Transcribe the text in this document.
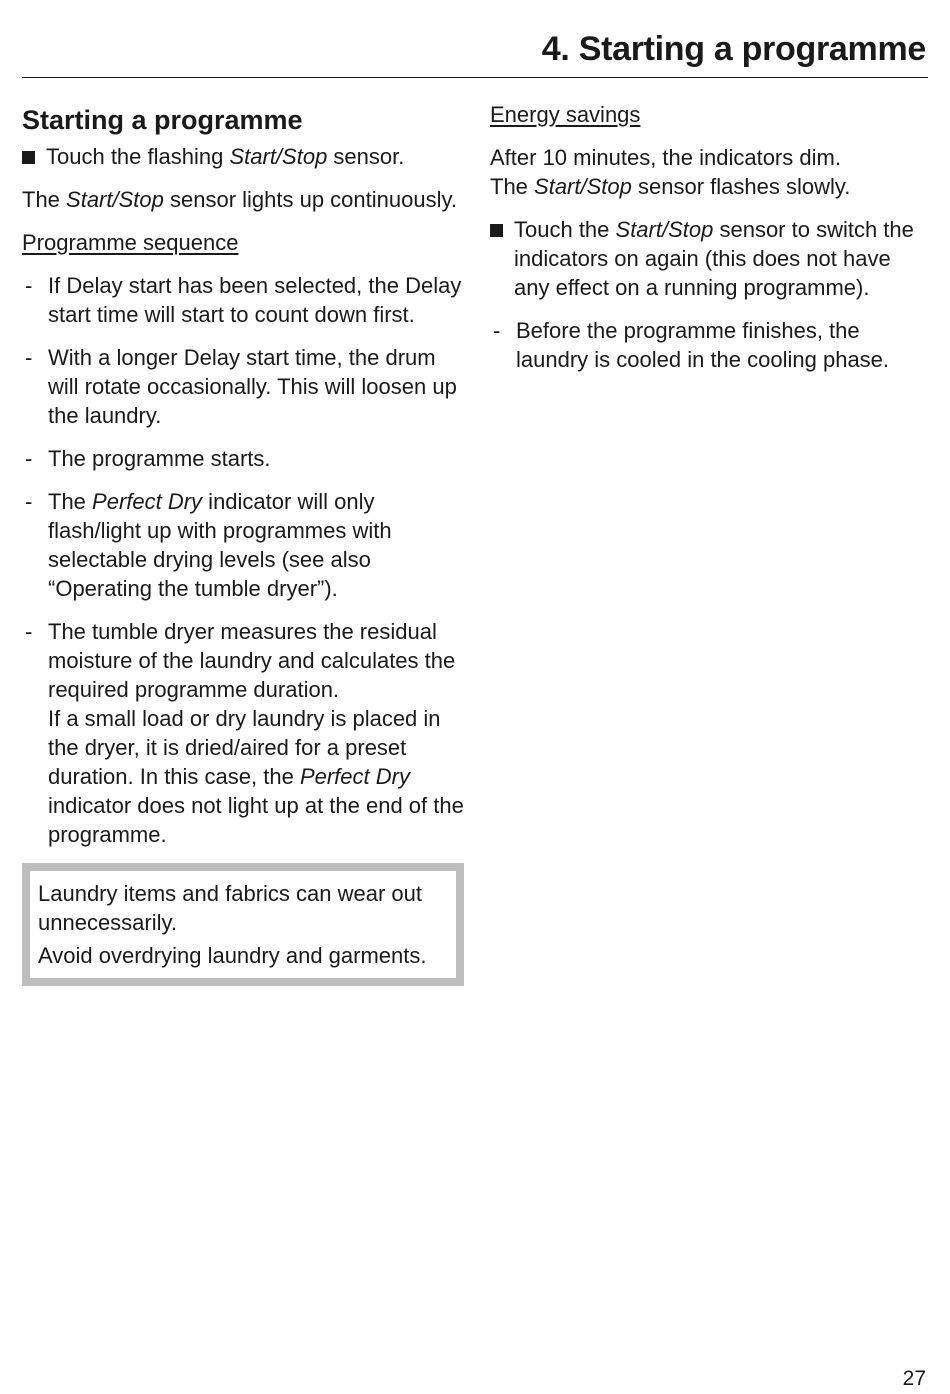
4. Starting a programme
Starting a programme
Touch the flashing Start/Stop sensor.

The Start/Stop sensor lights up continuously.

Programme sequence
- If Delay start has been selected, the Delay start time will start to count down first.
- With a longer Delay start time, the drum will rotate occasionally. This will loosen up the laundry.
- The programme starts.
- The Perfect Dry indicator will only flash/light up with programmes with selectable drying levels (see also “Operating the tumble dryer”).
- The tumble dryer measures the residual moisture of the laundry and calculates the required programme duration.
If a small load or dry laundry is placed in the dryer, it is dried/aired for a preset duration. In this case, the Perfect Dry indicator does not light up at the end of the programme.

Laundry items and fabrics can wear out unnecessarily.

Avoid overdrying laundry and garments.

Energy savings

After 10 minutes, the indicators dim.
The Start/Stop sensor flashes slowly.

Touch the Start/Stop sensor to switch the indicators on again (this does not have any effect on a running programme).
- Before the programme finishes, the laundry is cooled in the cooling phase.
27
